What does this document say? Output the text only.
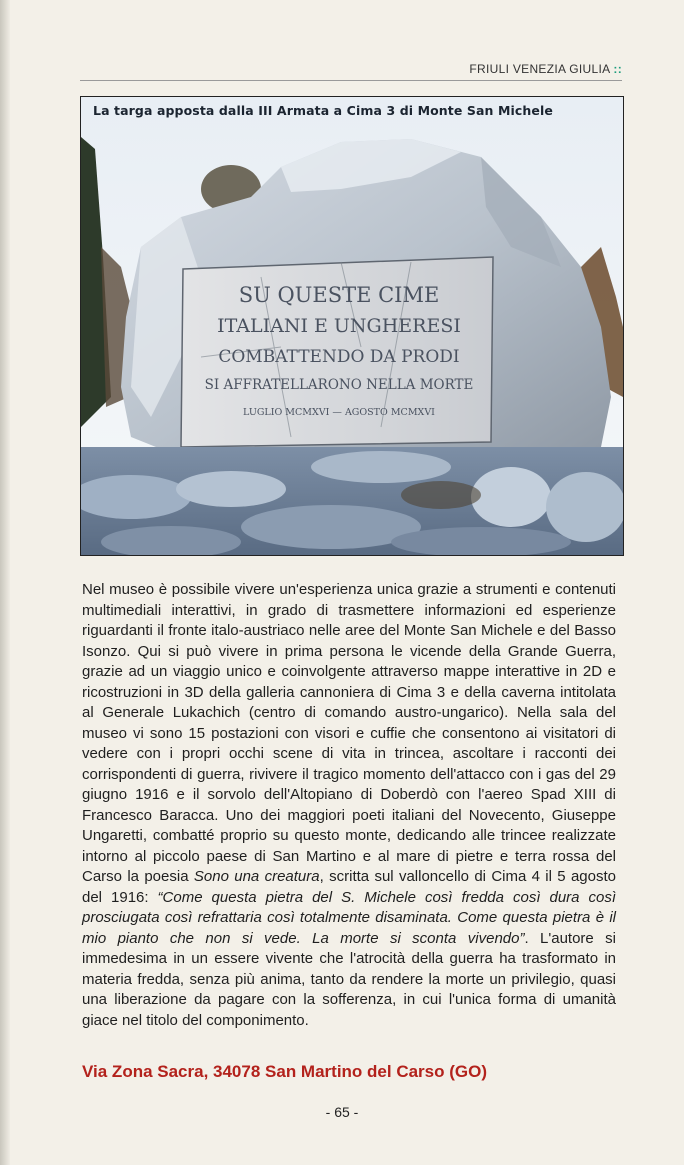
FRIULI VENEZIA GIULIA ::
SU QUESTE CIME
ITALIANI E UNGHERESI
COMBATTENDO DA PRODI
SI AFFRATELLARONO NELLA MORTE
LUGLIO MCMXVI — AGOSTO MCMXVI
La targa apposta dalla III Armata a Cima 3 di Monte San Michele

Nel museo è possibile vivere un'esperienza unica grazie a strumenti e contenuti multimediali interattivi, in grado di trasmettere informazioni ed esperienze riguardanti il fronte italo-austriaco nelle aree del Monte San Michele e del Basso Isonzo. Qui si può vivere in prima persona le vicende della Grande Guerra, grazie ad un viaggio unico e coinvolgente attraverso mappe interattive in 2D e ricostruzioni in 3D della galleria cannoniera di Cima 3 e della caverna intitolata al Generale Lukachich (centro di comando austro-ungarico). Nella sala del museo vi sono 15 postazioni con visori e cuffie che consentono ai visitatori di vedere con i propri occhi scene di vita in trincea, ascoltare i racconti dei corrispondenti di guerra, rivivere il tragico momento dell'attacco con i gas del 29 giugno 1916 e il sorvolo dell'Altopiano di Doberdò con l'aereo Spad XIII di Francesco Baracca. Uno dei maggiori poeti italiani del Novecento, Giuseppe Ungaretti, combatté proprio su questo monte, dedicando alle trincee realizzate intorno al piccolo paese di San Martino e al mare di pietre e terra rossa del Carso la poesia Sono una creatura, scritta sul valloncello di Cima 4 il 5 agosto del 1916: “Come questa pietra del S. Michele così fredda così dura così prosciugata così refrattaria così totalmente disaminata. Come questa pietra è il mio pianto che non si vede. La morte si sconta vivendo”. L'autore si immedesima in un essere vivente che l'atrocità della guerra ha trasformato in materia fredda, senza più anima, tanto da rendere la morte un privilegio, quasi una liberazione da pagare con la sofferenza, in cui l'unica forma di umanità giace nel titolo del componimento.

Via Zona Sacra, 34078 San Martino del Carso (GO)
- 65 -
